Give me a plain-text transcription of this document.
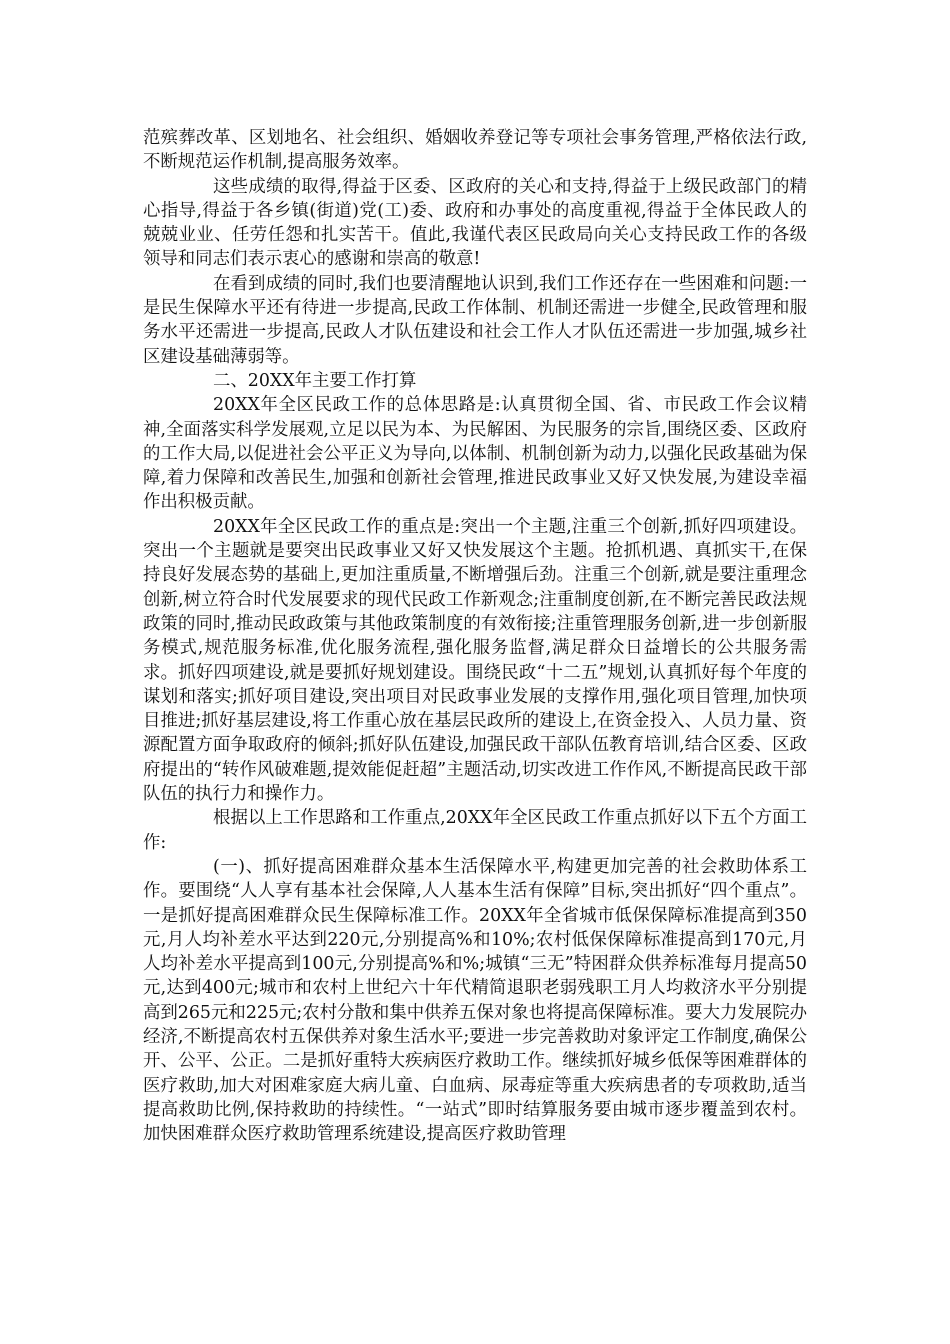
范殡葬改革、区划地名、社会组织、婚姻收养登记等专项社会事务管理,严格依法行政,不断规范运作机制,提高服务效率。

这些成绩的取得,得益于区委、区政府的关心和支持,得益于上级民政部门的精心指导,得益于各乡镇(街道)党(工)委、政府和办事处的高度重视,得益于全体民政人的兢兢业业、任劳任怨和扎实苦干。值此,我谨代表区民政局向关心支持民政工作的各级领导和同志们表示衷心的感谢和崇高的敬意!

在看到成绩的同时,我们也要清醒地认识到,我们工作还存在一些困难和问题:一是民生保障水平还有待进一步提高,民政工作体制、机制还需进一步健全,民政管理和服务水平还需进一步提高,民政人才队伍建设和社会工作人才队伍还需进一步加强,城乡社区建设基础薄弱等。

二、20XX年主要工作打算

20XX年全区民政工作的总体思路是:认真贯彻全国、省、市民政工作会议精神,全面落实科学发展观,立足以民为本、为民解困、为民服务的宗旨,围绕区委、区政府的工作大局,以促进社会公平正义为导向,以体制、机制创新为动力,以强化民政基础为保障,着力保障和改善民生,加强和创新社会管理,推进民政事业又好又快发展,为建设幸福作出积极贡献。

20XX年全区民政工作的重点是:突出一个主题,注重三个创新,抓好四项建设。突出一个主题就是要突出民政事业又好又快发展这个主题。抢抓机遇、真抓实干,在保持良好发展态势的基础上,更加注重质量,不断增强后劲。注重三个创新,就是要注重理念创新,树立符合时代发展要求的现代民政工作新观念;注重制度创新,在不断完善民政法规政策的同时,推动民政政策与其他政策制度的有效衔接;注重管理服务创新,进一步创新服务模式,规范服务标准,优化服务流程,强化服务监督,满足群众日益增长的公共服务需求。抓好四项建设,就是要抓好规划建设。围绕民政“十二五”规划,认真抓好每个年度的谋划和落实;抓好项目建设,突出项目对民政事业发展的支撑作用,强化项目管理,加快项目推进;抓好基层建设,将工作重心放在基层民政所的建设上,在资金投入、人员力量、资源配置方面争取政府的倾斜;抓好队伍建设,加强民政干部队伍教育培训,结合区委、区政府提出的“转作风破难题,提效能促赶超”主题活动,切实改进工作作风,不断提高民政干部队伍的执行力和操作力。

根据以上工作思路和工作重点,20XX年全区民政工作重点抓好以下五个方面工作:

(一)、抓好提高困难群众基本生活保障水平,构建更加完善的社会救助体系工作。要围绕“人人享有基本社会保障,人人基本生活有保障”目标,突出抓好“四个重点”。一是抓好提高困难群众民生保障标准工作。20XX年全省城市低保保障标准提高到350元,月人均补差水平达到220元,分别提高%和10%;农村低保保障标准提高到170元,月人均补差水平提高到100元,分别提高%和%;城镇“三无”特困群众供养标准每月提高50元,达到400元;城市和农村上世纪六十年代精简退职老弱残职工月人均救济水平分别提高到265元和225元;农村分散和集中供养五保对象也将提高保障标准。要大力发展院办经济,不断提高农村五保供养对象生活水平;要进一步完善救助对象评定工作制度,确保公开、公平、公正。二是抓好重特大疾病医疗救助工作。继续抓好城乡低保等困难群体的医疗救助,加大对困难家庭大病儿童、白血病、尿毒症等重大疾病患者的专项救助,适当提高救助比例,保持救助的持续性。“一站式”即时结算服务要由城市逐步覆盖到农村。加快困难群众医疗救助管理系统建设,提高医疗救助管理
